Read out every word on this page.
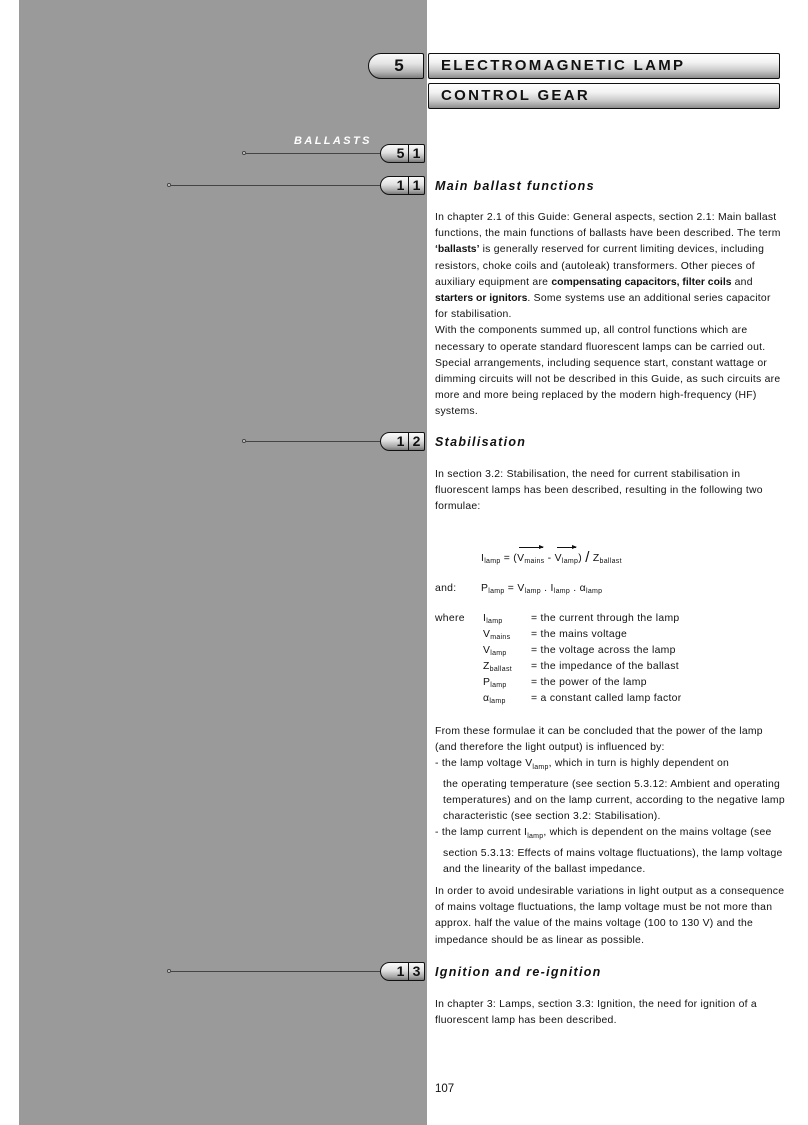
5	ELECTROMAGNETIC LAMP
CONTROL GEAR
BALLASTS
5 1
1 1 Main ballast functions

In chapter 2.1 of this Guide: General aspects, section 2.1: Main ballast functions, the main functions of ballasts have been described. The term ‘ballasts’ is generally reserved for current limiting devices, including resistors, choke coils and (autoleak) transformers. Other pieces of auxiliary equipment are compensating capacitors, filter coils and starters or ignitors. Some systems use an additional series capacitor for stabilisation.

With the components summed up, all control functions which are necessary to operate standard fluorescent lamps can be carried out. Special arrangements, including sequence start, constant wattage or dimming circuits will not be described in this Guide, as such circuits are more and more being replaced by the modern high-frequency (HF) systems.

1 2 Stabilisation
In section 3.2: Stabilisation, the need for current stabilisation in fluorescent lamps has been described, resulting in the following two formulae:
$I_{lamp} = (V_{mains} - V_{lamp}) / Z_{ballast}$
and: $P_{lamp} = V_{lamp}$ . $I_{lamp}$ . $\alpha_{lamp}$
where $I_{lamp}$	= the current through the lamp
$V_{mains}$ = the mains voltage
$V_{lamp}$ = the voltage across the lamp
$Z_{ballast}$ = the impedance of the ballast
$P_{lamp}$ = the power of the lamp
$\alpha_{lamp} = a$ constant called lamp factor

From these formulae it can be concluded that the power of the lamp (and therefore the light output) is influenced by:

- the lamp voltage $V_{lamp}$, which in turn is highly dependent on

the operating temperature (see section 5.3.12: Ambient and operating temperatures) and on the lamp current, according to the negative lamp characteristic (see section 3.2: Stabilisation).

- the lamp current $I_{lamp}$, which is dependent on the mains voltage (see section 5.3.13: Effects of mains voltage fluctuations), the lamp voltage and the linearity of the ballast impedance.

In order to avoid undesirable variations in light output as a consequence of mains voltage fluctuations, the lamp voltage must be not more than approx. half the value of the mains voltage (100 to 130 V) and the impedance should be as linear as possible.
1 3 Ignition and re-ignition
In chapter 3: Lamps, section 3.3: Ignition, the need for ignition of a fluorescent lamp has been described.
107
